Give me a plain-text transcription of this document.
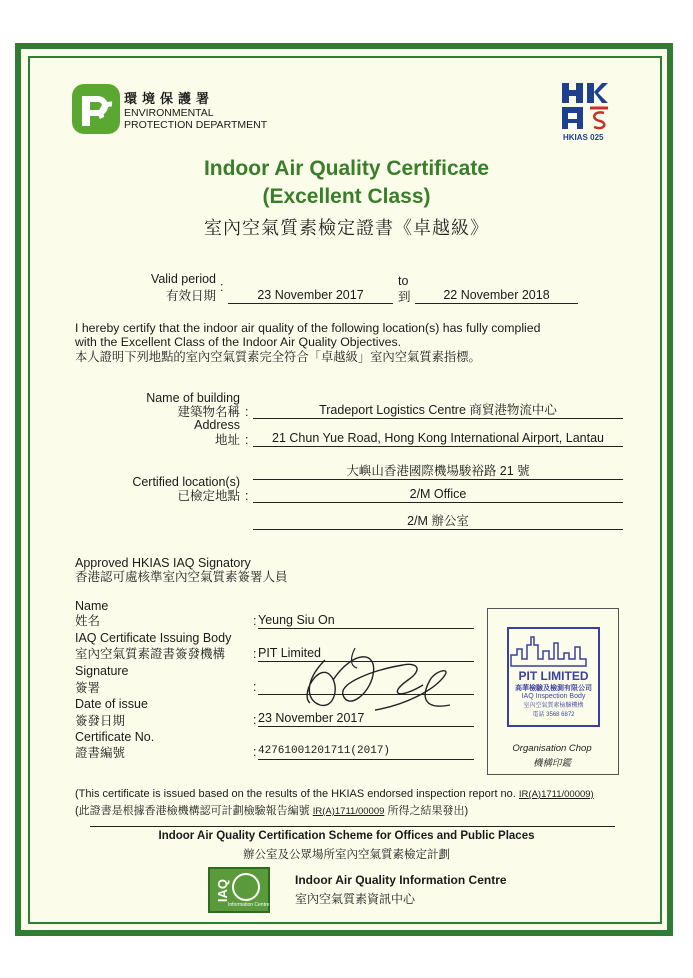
環境保護署
ENVIRONMENTAL
PROTECTION DEPARTMENT
HKIAS 025
Indoor Air Quality Certificate
(Excellent Class)
室內空氣質素檢定證書《卓越級》
Valid period
有效日期
:
23 November 2017
to
到	22 November 2018
I hereby certify that the indoor air quality of the following location(s) has fully complied
with the Excellent Class of the Indoor Air Quality Objectives.
本人證明下列地點的室內空氣質素完全符合「卓越級」室內空氣質素指標。
Name of building
建築物名稱 :	Tradeport Logistics Centre 商貿港物流中心
Address
地址 :	21 Chun Yue Road, Hong Kong International Airport, Lantau
大嶼山香港國際機場駿裕路 21 號
Certified location(s)
已檢定地點 :	2/M Office
2/M 辦公室
Approved HKIAS IAQ Signatory
香港認可處核準室內空氣質素簽署人員
Name
姓名	: Yeung Siu On
IAQ Certificate Issuing Body
室內空氣質素證書簽發機構 : PIT Limited
Signature
簽署	:
Date of issue
簽發日期	: 23 November 2017
Certificate No.
證書編號	: 42761001201711(2017)
PIT LIMITED
高華檢驗及檢測有限公司
IAQ Inspection Body
室內空氣質素檢驗機構
電話 3568 6872
Organisation Chop
機構印鑑
(This certificate is issued based on the results of the HKIAS endorsed inspection report no. IR(A)1711/00009)
(此證書是根據香港檢機構認可計劃檢驗報告編號 IR(A)1711/00009 所得之結果發出)
Indoor Air Quality Certification Scheme for Offices and Public Places
辦公室及公眾場所室內空氣質素檢定計劃
IAQ
Information Centre
Indoor Air Quality Information Centre
室內空氣質素資訊中心
